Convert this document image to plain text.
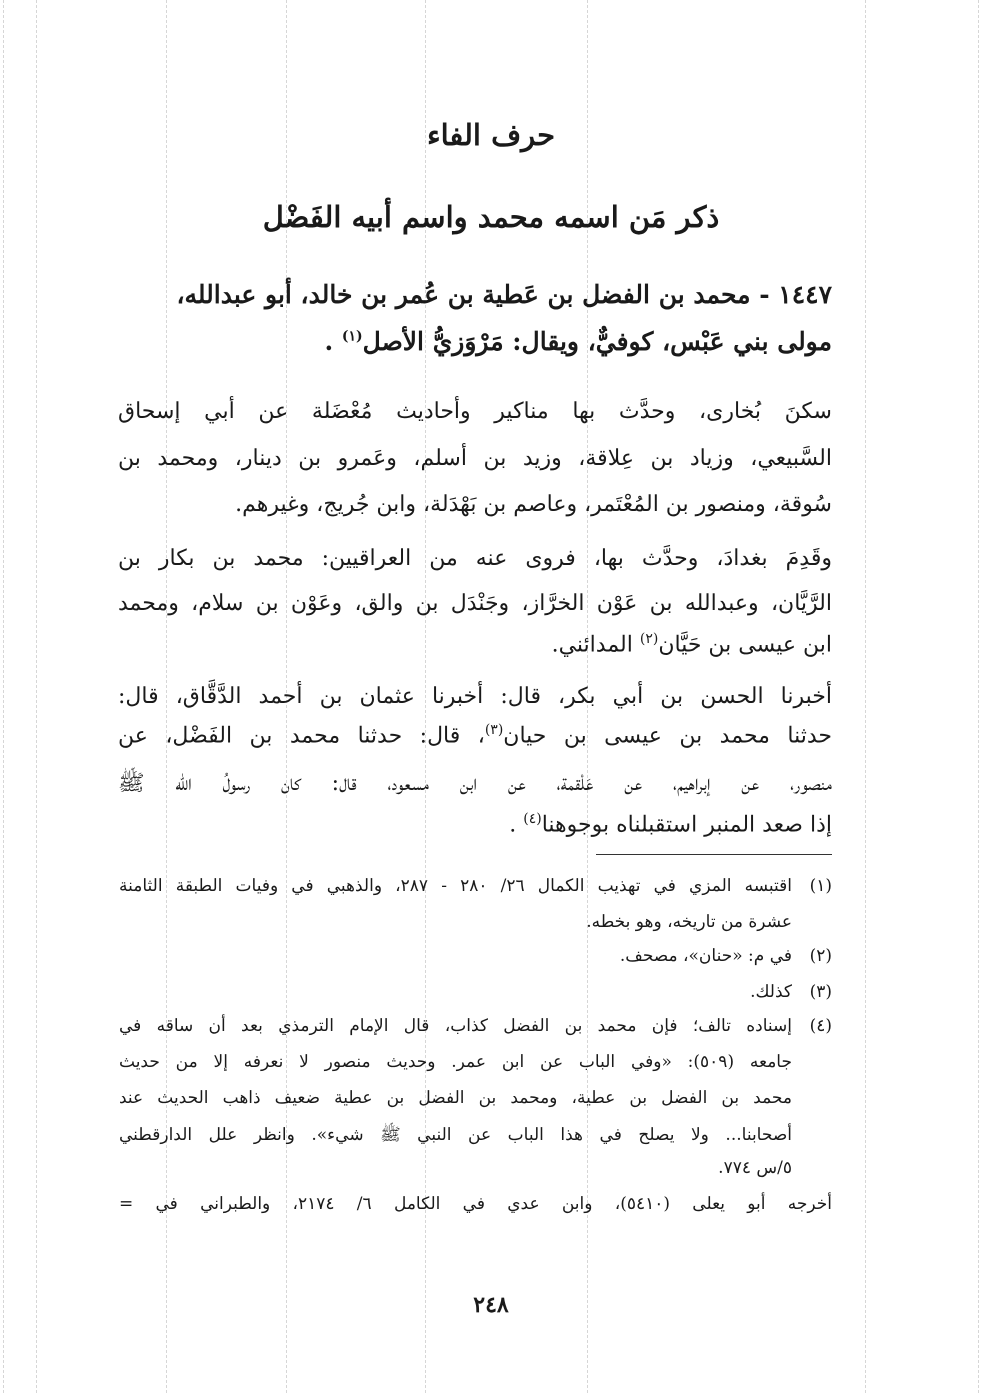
حرف الفاء
ذكر مَن اسمه محمد واسم أبيه الفَضْل
١٤٤٧ - محمد بن الفضل بن عَطية بن عُمر بن خالد، أبو عبدالله،
مولى بني عَبْس، كوفيٌّ، ويقال: مَرْوَزيُّ الأصل$^{(١)}$ .
سكنَ بُخارى، وحدَّث بها مناكير وأحاديث مُعْضَلة عن أبي إسحاق
السَّبيعي، وزياد بن عِلاقة، وزيد بن أسلم، وعَمرو بن دينار، ومحمد بن
سُوقة، ومنصور بن المُعْتَمر، وعاصم بن بَهْدَلة، وابن جُريج، وغيرهم.
وقَدِمَ بغدادَ، وحدَّث بها، فروى عنه من العراقيين: محمد بن بكار بن
الرَّيَّان، وعبدالله بن عَوْن الخرَّاز، وجَنْدَل بن والق، وعَوْن بن سلام، ومحمد
ابن عيسى بن حَيَّان$^{(٢)}$ المدائني.
أخبرنا الحسن بن أبي بكر، قال: أخبرنا عثمان بن أحمد الدَّقَّاق، قال:
حدثنا محمد بن عيسى بن حيان$^{(٣)}$، قال: حدثنا محمد بن الفَضْل، عن
منصور، عن إبراهيم، عن عَلْقمة، عن ابن مسعود، قال: كان رسولُ الله ﷺ
إذا صعد المنبر استقبلناه بوجوهنا$^{(٤)}$ .
(١)
اقتبسه المزي في تهذيب الكمال ٢٦/ ٢٨٠ - ٢٨٧، والذهبي في وفيات الطبقة الثامنة
عشرة من تاريخه، وهو بخطه.
(٢)
في م: «حنان»، مصحف.
(٣)
كذلك.
(٤)
إسناده تالف؛ فإن محمد بن الفضل كذاب، قال الإمام الترمذي بعد أن ساقه في
جامعه (٥٠٩): «وفي الباب عن ابن عمر. وحديث منصور لا نعرفه إلا من حديث
محمد بن الفضل بن عطية، ومحمد بن الفضل بن عطية ضعيف ذاهب الحديث عند
أصحابنا... ولا يصلح في هذا الباب عن النبي ﷺ شيء». وانظر علل الدارقطني
٥/س ٧٧٤.
أخرجه أبو يعلى (٥٤١٠)، وابن عدي في الكامل ٦/ ٢١٧٤، والطبراني في =
٢٤٨
